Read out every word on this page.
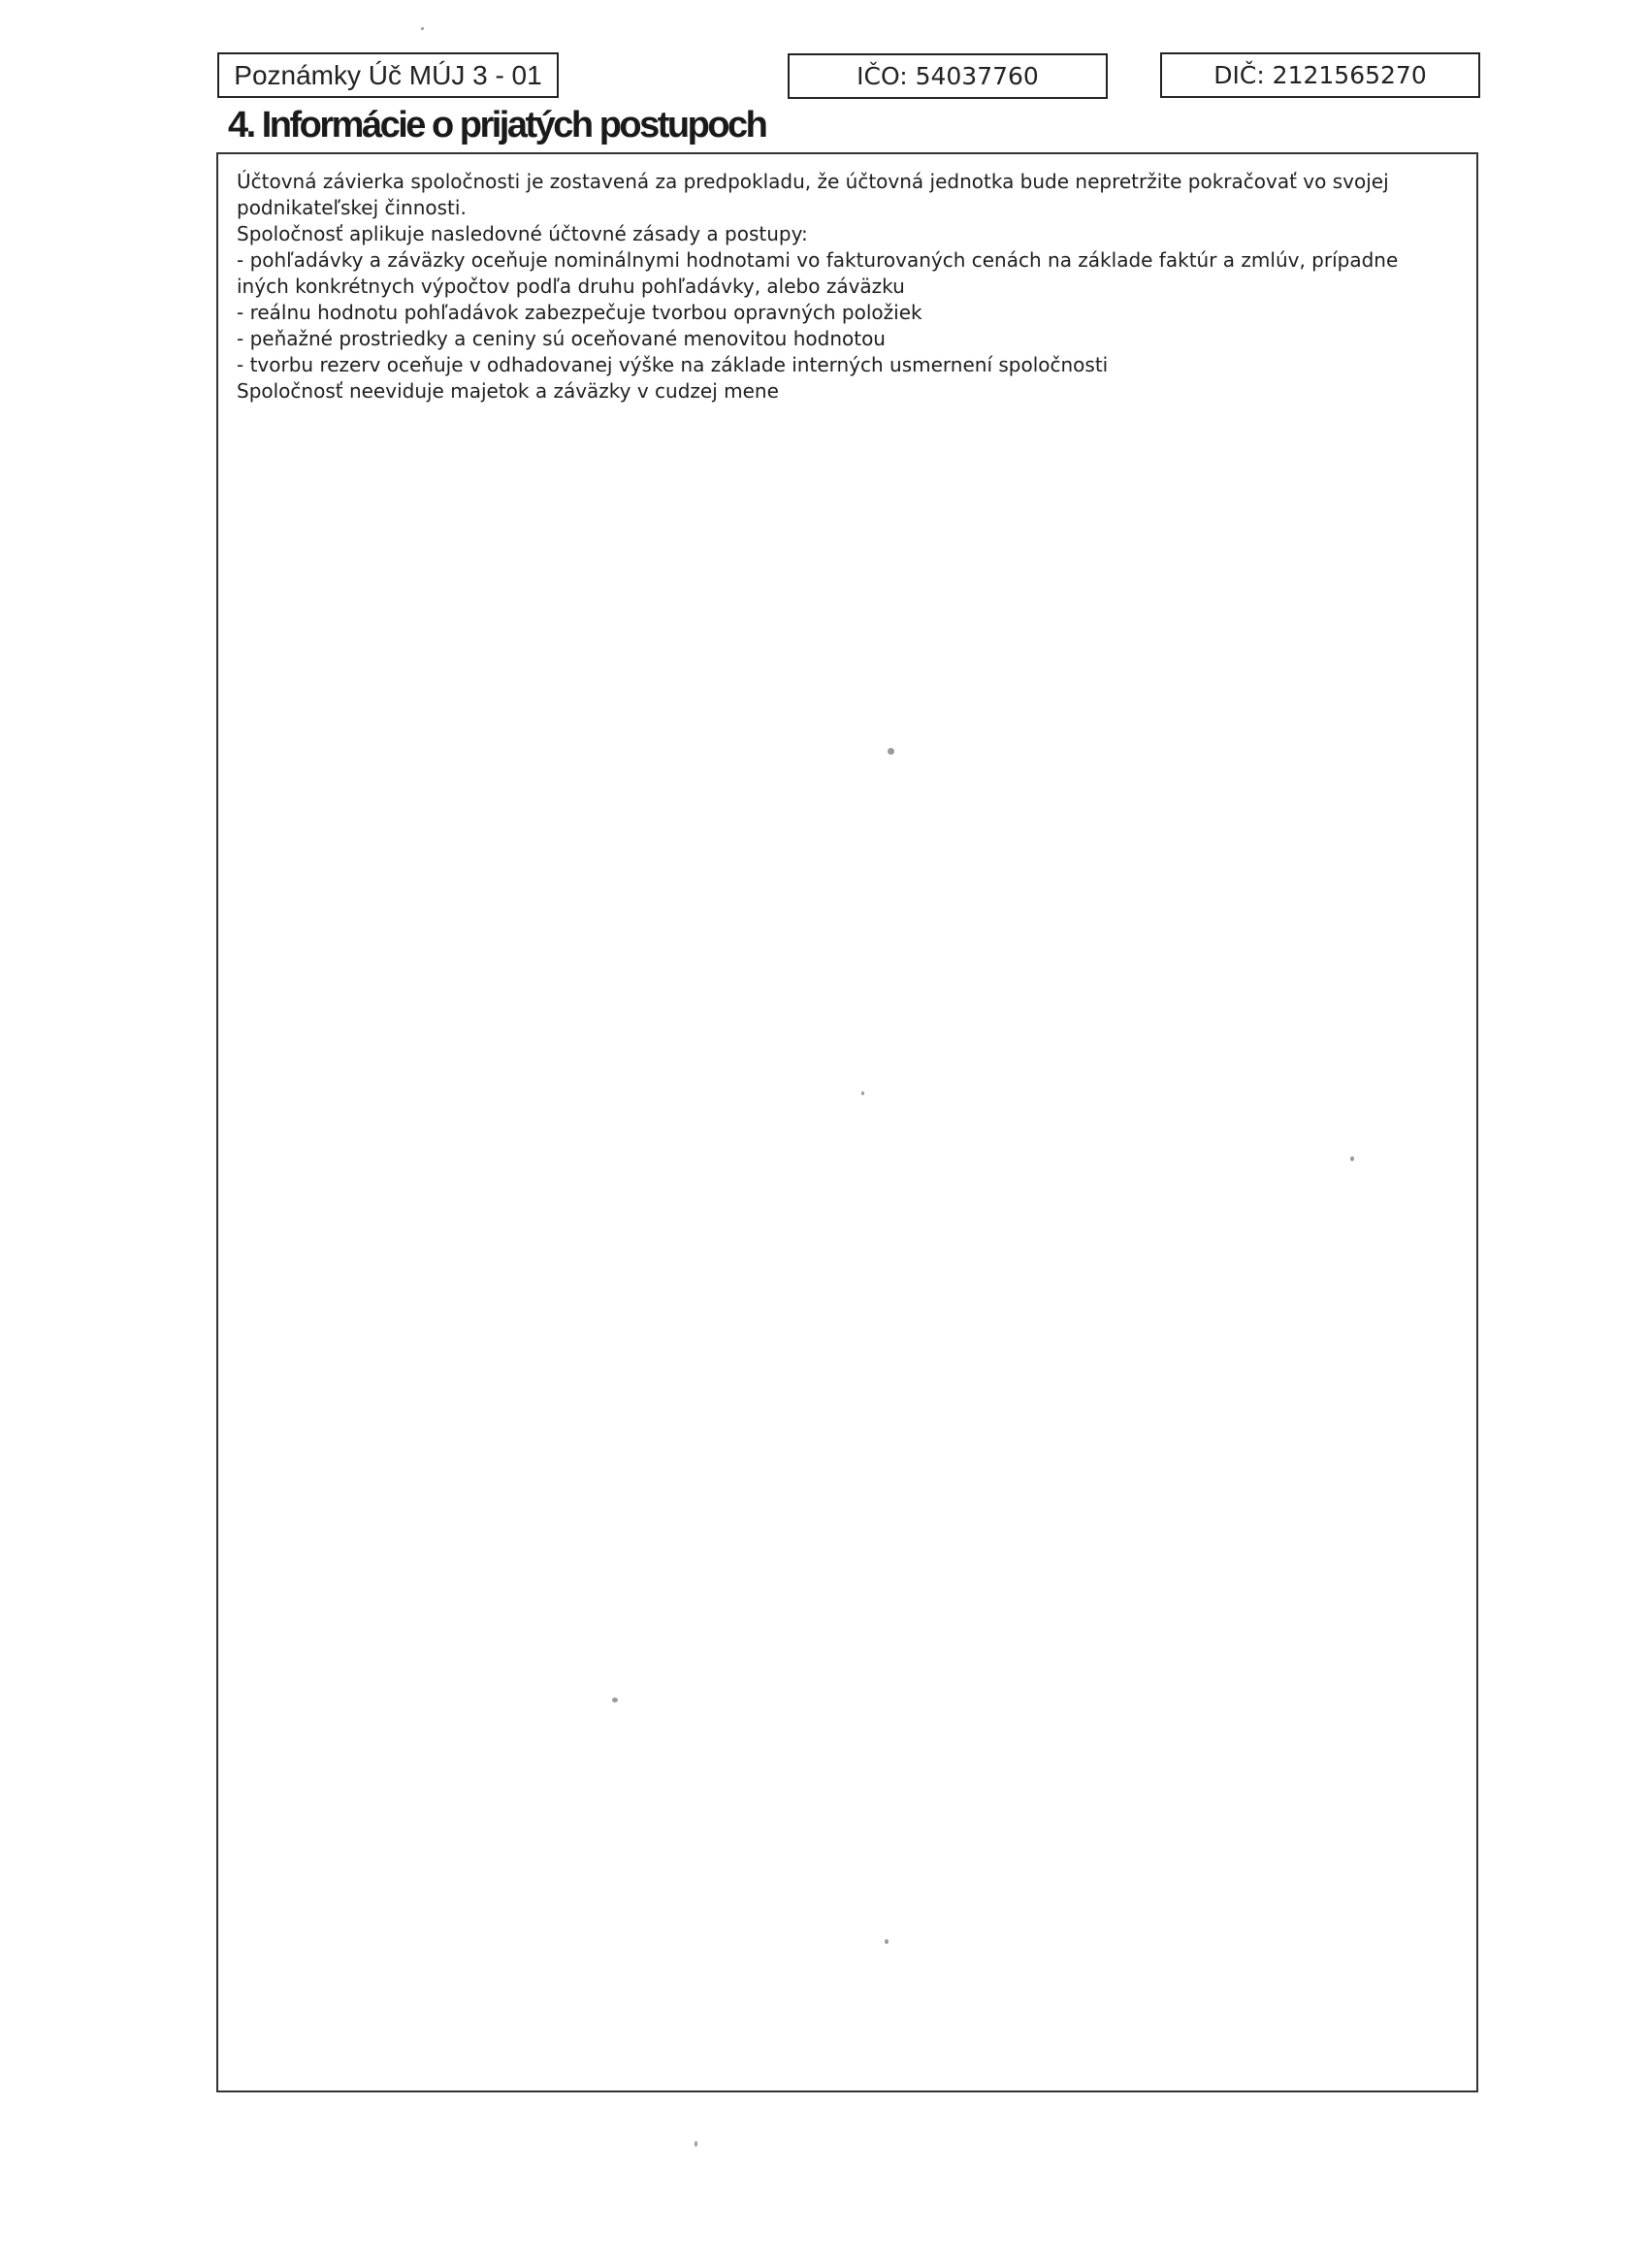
Poznámky Úč MÚJ 3 - 01	IČO: 54037760	DIČ: 2121565270
4. Informácie o prijatých postupoch
Účtovná závierka spoločnosti je zostavená za predpokladu, že účtovná jednotka bude nepretržite pokračovať vo svojej
podnikateľskej činnosti.
Spoločnosť aplikuje nasledovné účtovné zásady a postupy:
- pohľadávky a záväzky oceňuje nominálnymi hodnotami vo fakturovaných cenách na základe faktúr a zmlúv, prípadne
iných konkrétnych výpočtov podľa druhu pohľadávky, alebo záväzku
- reálnu hodnotu pohľadávok zabezpečuje tvorbou opravných položiek
- peňažné prostriedky a ceniny sú oceňované menovitou hodnotou
- tvorbu rezerv oceňuje v odhadovanej výške na základe interných usmernení spoločnosti
Spoločnosť neeviduje majetok a záväzky v cudzej mene
